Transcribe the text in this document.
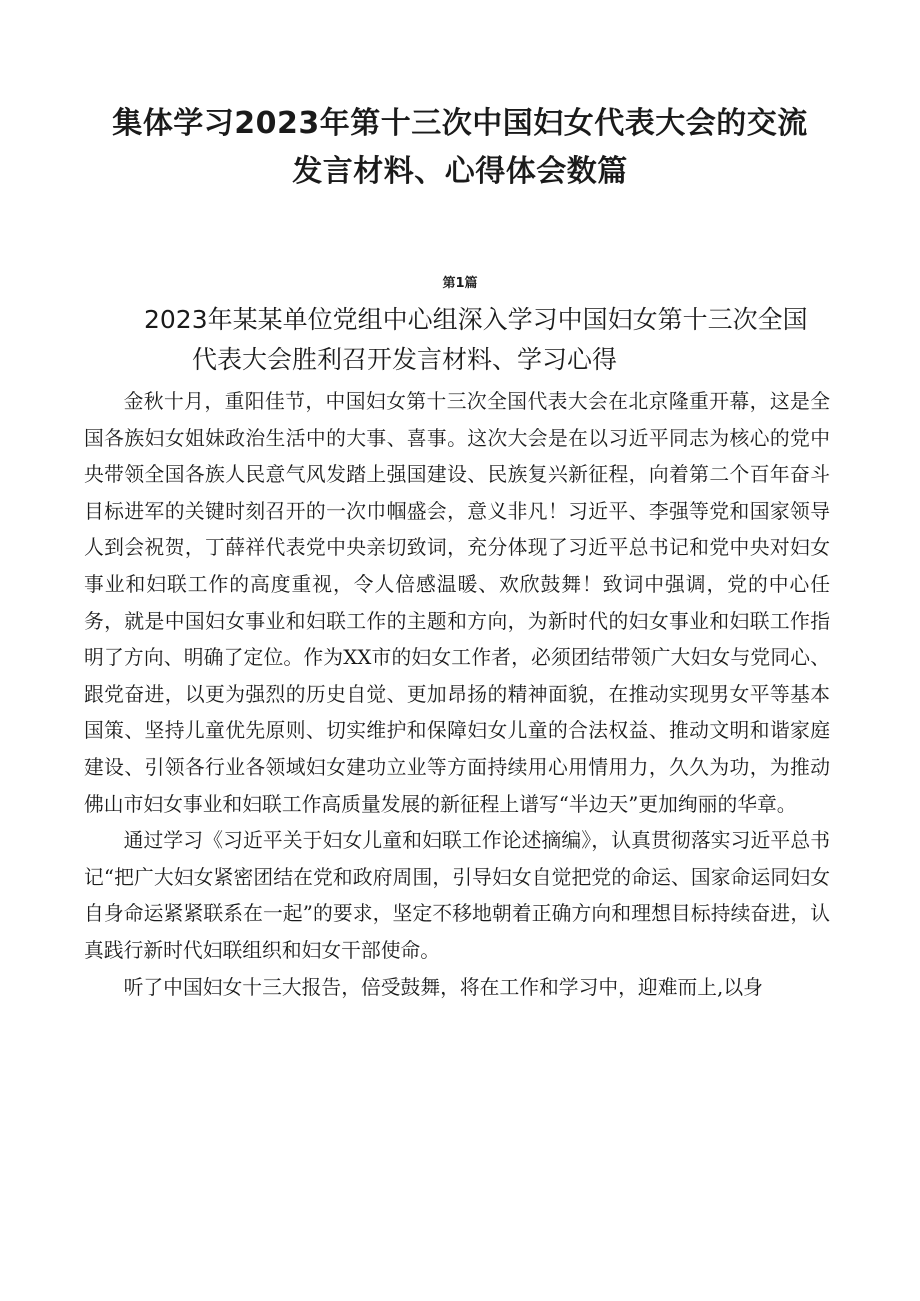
集体学习2023年第十三次中国妇女代表大会的交流
发言材料、心得体会数篇
第1篇
2023年某某单位党组中心组深入学习中国妇女第十三次全国
代表大会胜利召开发言材料、学习心得

金秋十月，重阳佳节，中国妇女第十三次全国代表大会在北京隆重开幕，这是全国各族妇女姐妹政治生活中的大事、喜事。这次大会是在以习近平同志为核心的党中央带领全国各族人民意气风发踏上强国建设、民族复兴新征程，向着第二个百年奋斗目标进军的关键时刻召开的一次巾帼盛会，意义非凡！习近平、李强等党和国家领导人到会祝贺，丁薛祥代表党中央亲切致词，充分体现了习近平总书记和党中央对妇女事业和妇联工作的高度重视，令人倍感温暖、欢欣鼓舞！致词中强调，党的中心任务，就是中国妇女事业和妇联工作的主题和方向，为新时代的妇女事业和妇联工作指明了方向、明确了定位。作为XX市的妇女工作者，必须团结带领广大妇女与党同心、跟党奋进，以更为强烈的历史自觉、更加昂扬的精神面貌，在推动实现男女平等基本国策、坚持儿童优先原则、切实维护和保障妇女儿童的合法权益、推动文明和谐家庭建设、引领各行业各领域妇女建功立业等方面持续用心用情用力，久久为功，为推动佛山市妇女事业和妇联工作高质量发展的新征程上谱写“半边天”更加绚丽的华章。

通过学习《习近平关于妇女儿童和妇联工作论述摘编》，认真贯彻落实习近平总书记“把广大妇女紧密团结在党和政府周围，引导妇女自觉把党的命运、国家命运同妇女自身命运紧紧联系在一起”的要求，坚定不移地朝着正确方向和理想目标持续奋进，认真践行新时代妇联组织和妇女干部使命。

听了中国妇女十三大报告，倍受鼓舞，将在工作和学习中，迎难而上,以身
